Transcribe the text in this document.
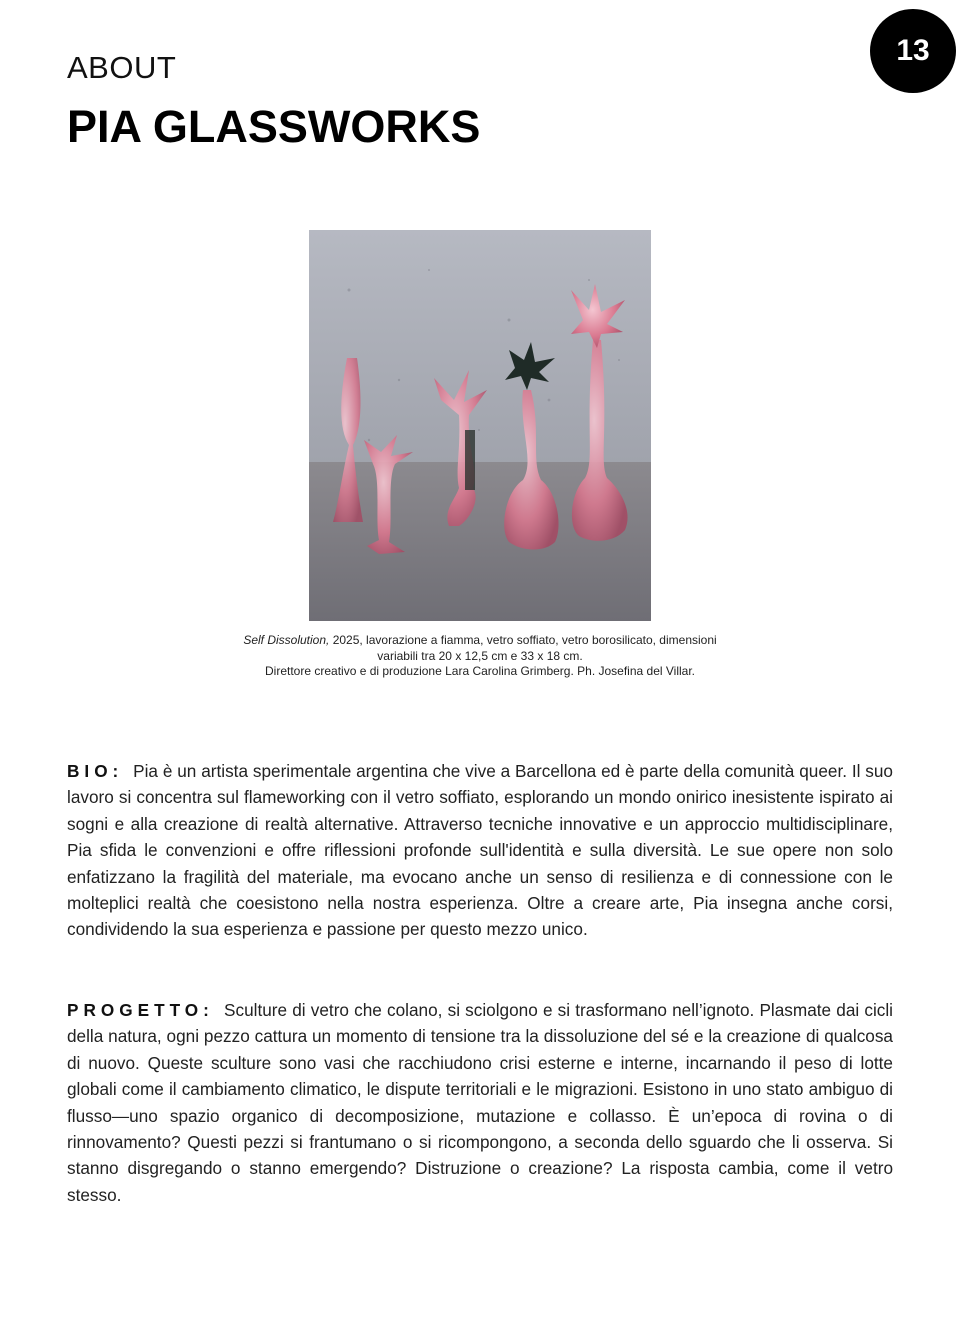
13
ABOUT
PIA GLASSWORKS
Self Dissolution, 2025, lavorazione a fiamma, vetro soffiato, vetro borosilicato, dimensioni
variabili tra 20 x 12,5 cm e 33 x 18 cm.
Direttore creativo e di produzione Lara Carolina Grimberg. Ph. Josefina del Villar.
BIO: Pia è un artista sperimentale argentina che vive a Barcellona ed è parte della comunità queer. Il suo lavoro si concentra sul flameworking con il vetro soffiato, esplorando un mondo onirico inesistente ispirato ai sogni e alla creazione di realtà alternative. Attraverso tecniche innovative e un approccio multidisciplinare, Pia sfida le convenzioni e offre riflessioni profonde sull'identità e sulla diversità. Le sue opere non solo enfatizzano la fragilità del materiale, ma evocano anche un senso di resilienza e di connessione con le molteplici realtà che coesistono nella nostra esperienza. Oltre a creare arte, Pia insegna anche corsi, condividendo la sua esperienza e passione per questo mezzo unico.
PROGETTO: Sculture di vetro che colano, si sciolgono e si trasformano nell’ignoto. Plasmate dai cicli della natura, ogni pezzo cattura un momento di tensione tra la dissoluzione del sé e la creazione di qualcosa di nuovo. Queste sculture sono vasi che racchiudono crisi esterne e interne, incarnando il peso di lotte globali come il cambiamento climatico, le dispute territoriali e le migrazioni. Esistono in uno stato ambiguo di flusso—uno spazio organico di decomposizione, mutazione e collasso. È un’epoca di rovina o di rinnovamento? Questi pezzi si frantumano o si ricompongono, a seconda dello sguardo che li osserva. Si stanno disgregando o stanno emergendo? Distruzione o creazione? La risposta cambia, come il vetro stesso.
